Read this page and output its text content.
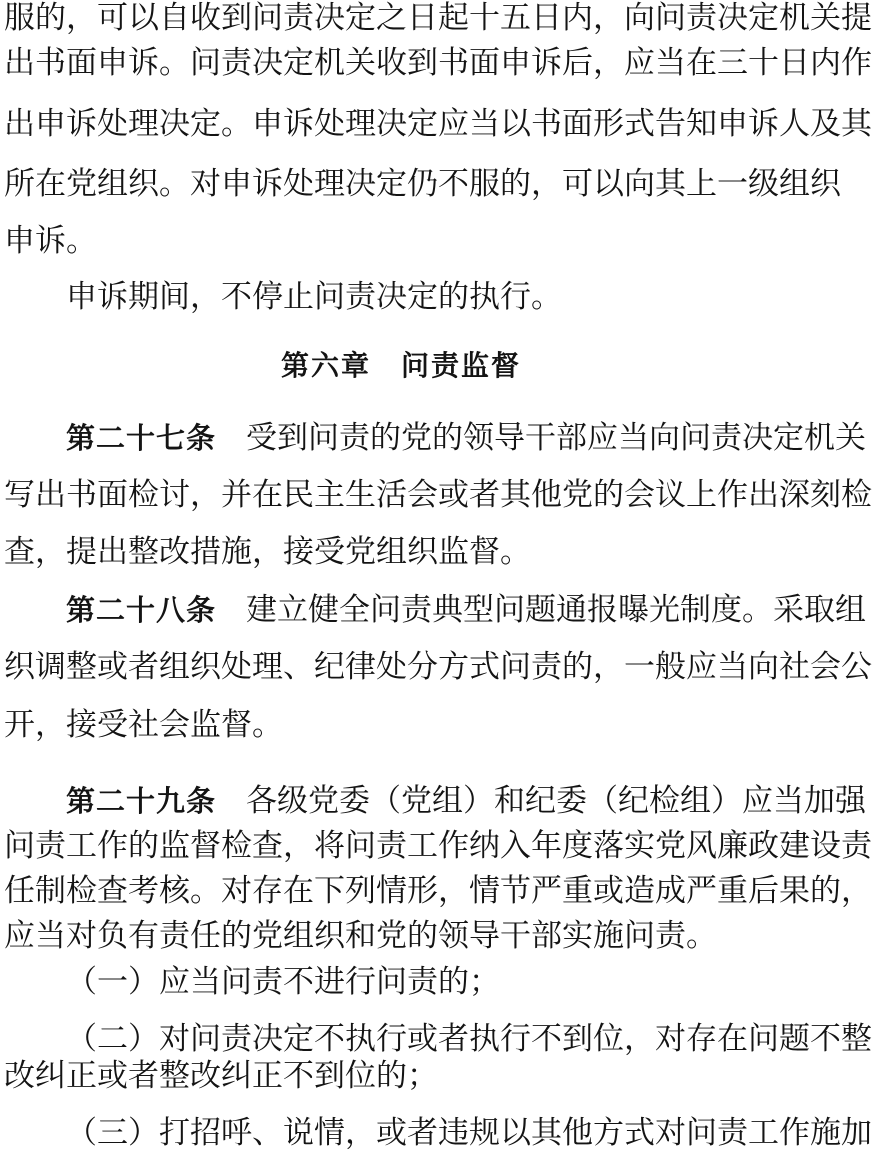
服的，可以自收到问责决定之日起十五日内，向问责决定机关提
出书面申诉。问责决定机关收到书面申诉后，应当在三十日内作
出申诉处理决定。申诉处理决定应当以书面形式告知申诉人及其
所在党组织。对申诉处理决定仍不服的，可以向其上一级组织
申诉。
申诉期间，不停止问责决定的执行。
第六章　问责监督
第二十七条 受到问责的党的领导干部应当向问责决定机关
写出书面检讨，并在民主生活会或者其他党的会议上作出深刻检
查，提出整改措施，接受党组织监督。
第二十八条 建立健全问责典型问题通报曝光制度。采取组
织调整或者组织处理、纪律处分方式问责的，一般应当向社会公
开，接受社会监督。
第二十九条 各级党委（党组）和纪委（纪检组）应当加强
问责工作的监督检查，将问责工作纳入年度落实党风廉政建设责
任制检查考核。对存在下列情形，情节严重或造成严重后果的，
应当对负有责任的党组织和党的领导干部实施问责。
（一）应当问责不进行问责的；
（二）对问责决定不执行或者执行不到位，对存在问题不整
改纠正或者整改纠正不到位的；
（三）打招呼、说情，或者违规以其他方式对问责工作施加
